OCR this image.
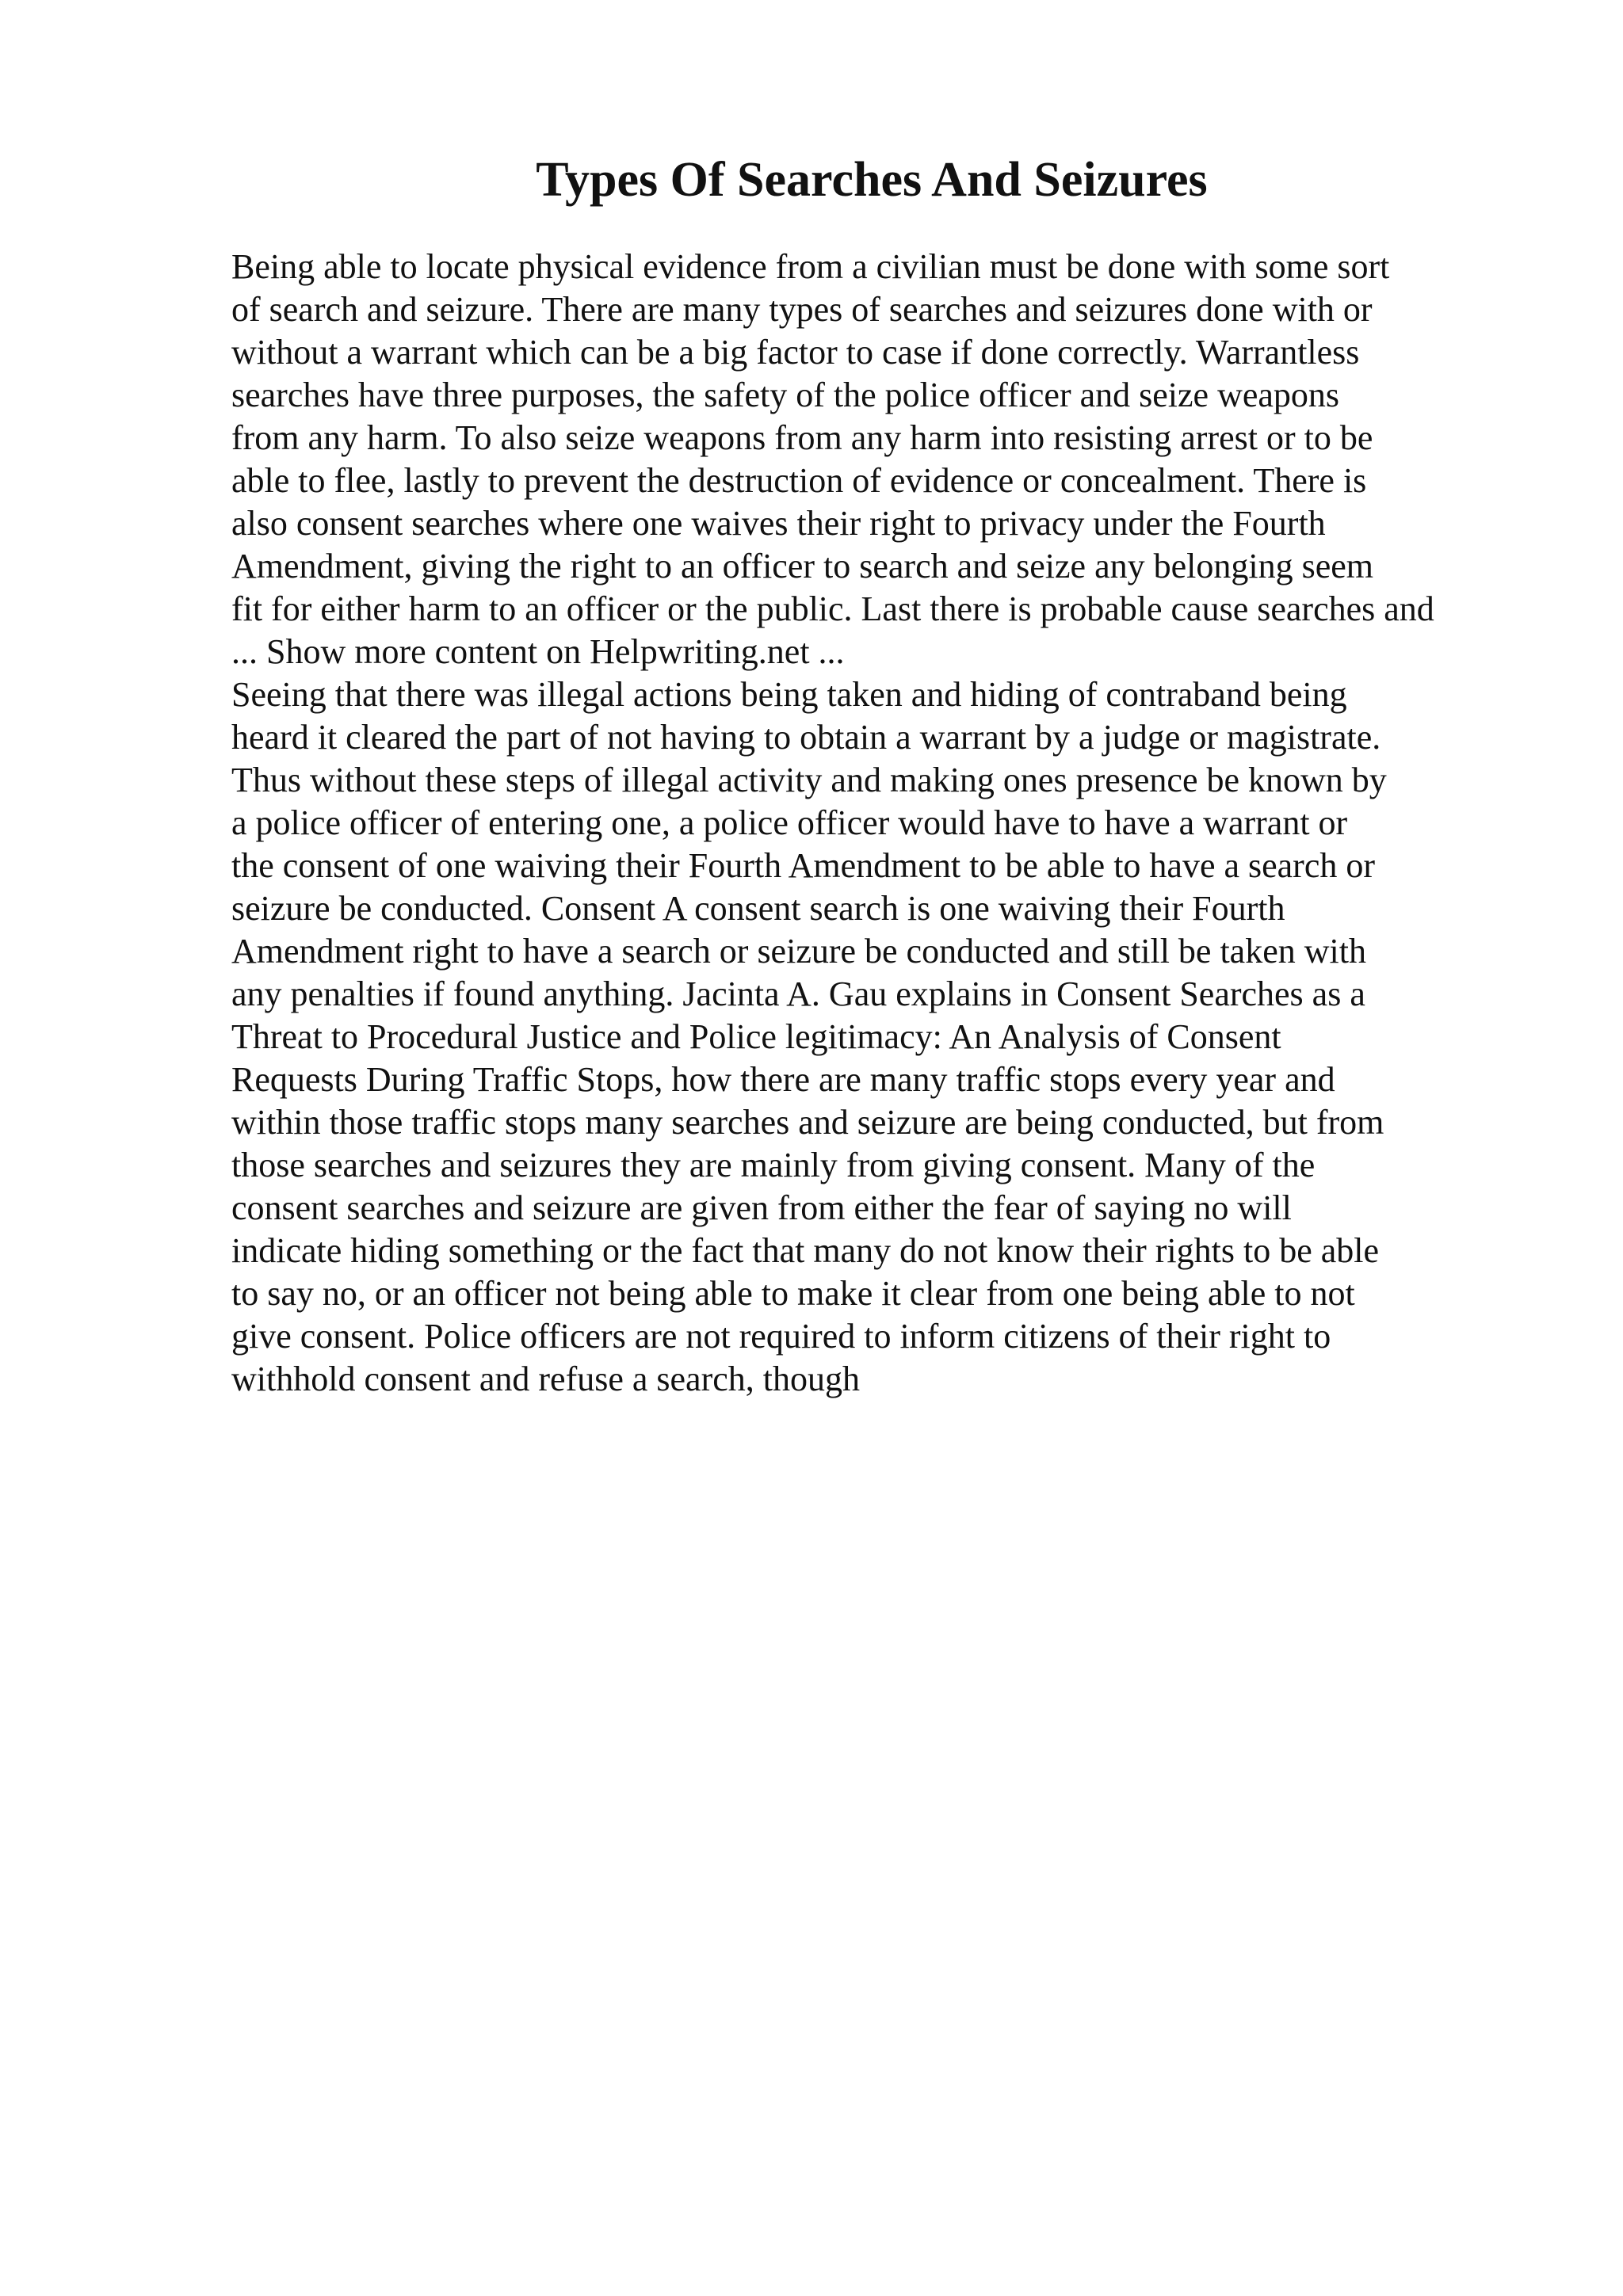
Types Of Searches And Seizures
Being able to locate physical evidence from a civilian must be done with some sort
of search and seizure. There are many types of searches and seizures done with or
without a warrant which can be a big factor to case if done correctly. Warrantless
searches have three purposes, the safety of the police officer and seize weapons
from any harm. To also seize weapons from any harm into resisting arrest or to be
able to flee, lastly to prevent the destruction of evidence or concealment. There is
also consent searches where one waives their right to privacy under the Fourth
Amendment, giving the right to an officer to search and seize any belonging seem
fit for either harm to an officer or the public. Last there is probable cause searches and
... Show more content on Helpwriting.net ...
Seeing that there was illegal actions being taken and hiding of contraband being
heard it cleared the part of not having to obtain a warrant by a judge or magistrate.
Thus without these steps of illegal activity and making ones presence be known by
a police officer of entering one, a police officer would have to have a warrant or
the consent of one waiving their Fourth Amendment to be able to have a search or
seizure be conducted. Consent A consent search is one waiving their Fourth
Amendment right to have a search or seizure be conducted and still be taken with
any penalties if found anything. Jacinta A. Gau explains in Consent Searches as a
Threat to Procedural Justice and Police legitimacy: An Analysis of Consent
Requests During Traffic Stops, how there are many traffic stops every year and
within those traffic stops many searches and seizure are being conducted, but from
those searches and seizures they are mainly from giving consent. Many of the
consent searches and seizure are given from either the fear of saying no will
indicate hiding something or the fact that many do not know their rights to be able
to say no, or an officer not being able to make it clear from one being able to not
give consent. Police officers are not required to inform citizens of their right to
withhold consent and refuse a search, though
